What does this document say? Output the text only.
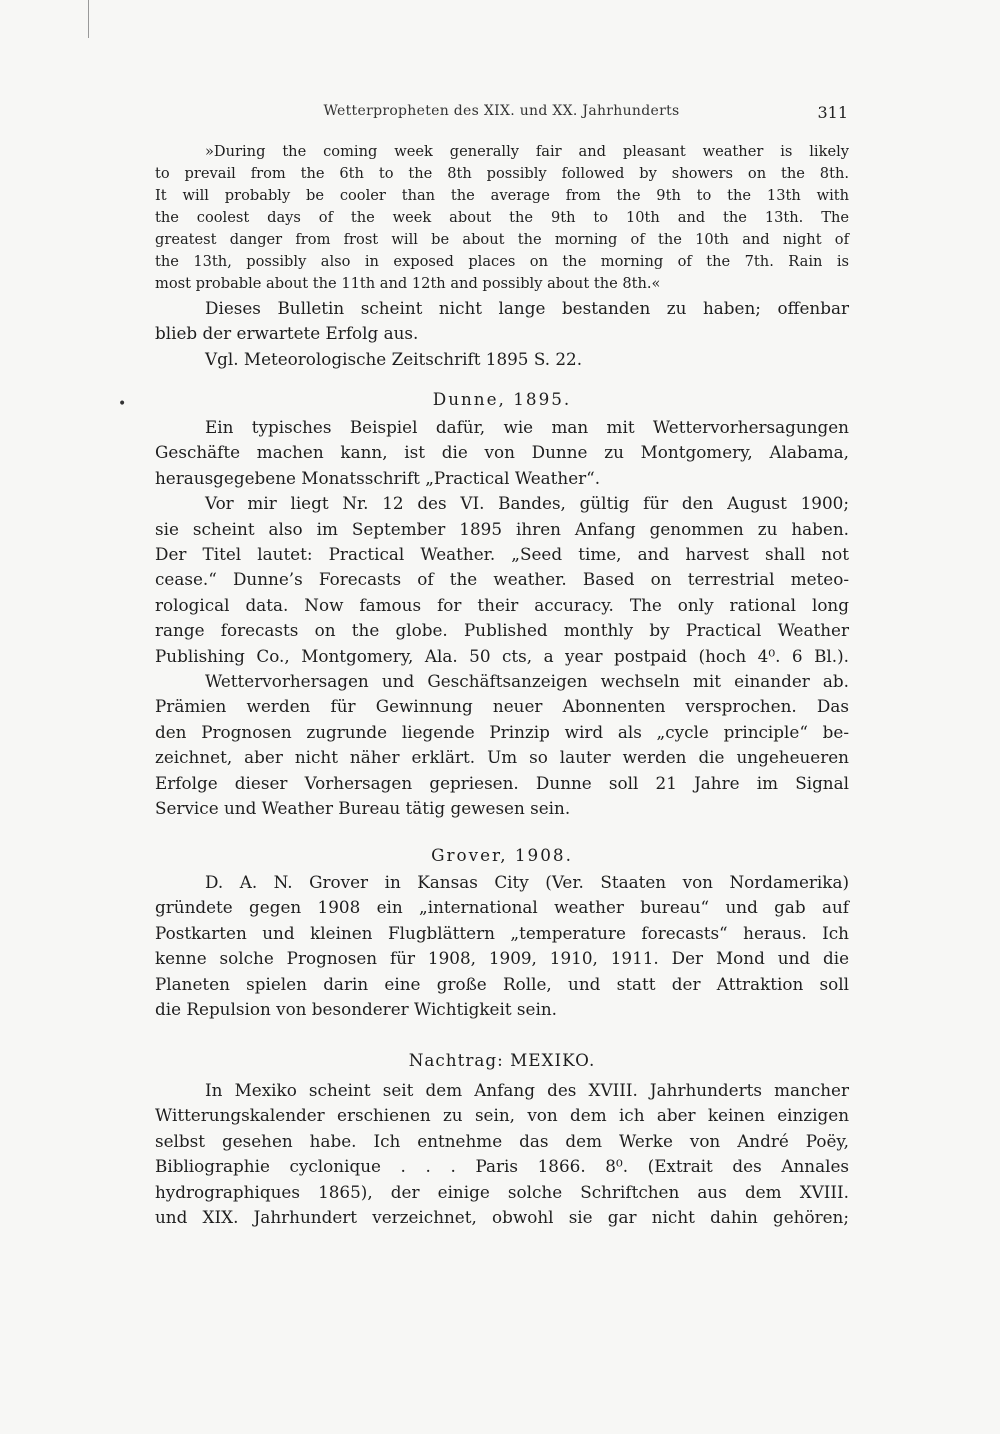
•
Wetterpropheten des XIX. und XX. Jahrhunderts	311

»During the coming week generally fair and pleasant weather is likely

to prevail from the 6th to the 8th possibly followed by showers on the 8th.

It will probably be cooler than the average from the 9th to the 13th with

the coolest days of the week about the 9th to 10th and the 13th. The

greatest danger from frost will be about the morning of the 10th and night of

the 13th, possibly also in exposed places on the morning of the 7th. Rain is

most probable about the 11th and 12th and possibly about the 8th.«

Dieses Bulletin scheint nicht lange bestanden zu haben; offenbar

blieb der erwartete Erfolg aus.

Vgl. Meteorologische Zeitschrift 1895 S. 22.

Dunne, 1895.

Ein typisches Beispiel dafür, wie man mit Wettervorhersagungen

Geschäfte machen kann, ist die von Dunne zu Montgomery, Alabama,

herausgegebene Monatsschrift „Practical Weather“.

Vor mir liegt Nr. 12 des VI. Bandes, gültig für den August 1900;

sie scheint also im September 1895 ihren Anfang genommen zu haben.

Der Titel lautet: Practical Weather. „Seed time, and harvest shall not

cease.“ Dunne’s Forecasts of the weather. Based on terrestrial meteo-

rological data. Now famous for their accuracy. The only rational long

range forecasts on the globe. Published monthly by Practical Weather

Publishing Co., Montgomery, Ala. 50 cts, a year postpaid (hoch 4⁰. 6 Bl.).

Wettervorhersagen und Geschäftsanzeigen wechseln mit einander ab.

Prämien werden für Gewinnung neuer Abonnenten versprochen. Das

den Prognosen zugrunde liegende Prinzip wird als „cycle principle“ be-

zeichnet, aber nicht näher erklärt. Um so lauter werden die ungeheueren

Erfolge dieser Vorhersagen gepriesen. Dunne soll 21 Jahre im Signal

Service und Weather Bureau tätig gewesen sein.

Grover, 1908.

D. A. N. Grover in Kansas City (Ver. Staaten von Nordamerika)

gründete gegen 1908 ein „international weather bureau“ und gab auf

Postkarten und kleinen Flugblättern „temperature forecasts“ heraus. Ich

kenne solche Prognosen für 1908, 1909, 1910, 1911. Der Mond und die

Planeten spielen darin eine große Rolle, und statt der Attraktion soll

die Repulsion von besonderer Wichtigkeit sein.

Nachtrag: MEXIKO.

In Mexiko scheint seit dem Anfang des XVIII. Jahrhunderts mancher

Witterungskalender erschienen zu sein, von dem ich aber keinen einzigen

selbst gesehen habe. Ich entnehme das dem Werke von André Poëy,

Bibliographie cyclonique . . . Paris 1866. 8⁰. (Extrait des Annales

hydrographiques 1865), der einige solche Schriftchen aus dem XVIII.

und XIX. Jahrhundert verzeichnet, obwohl sie gar nicht dahin gehören;
